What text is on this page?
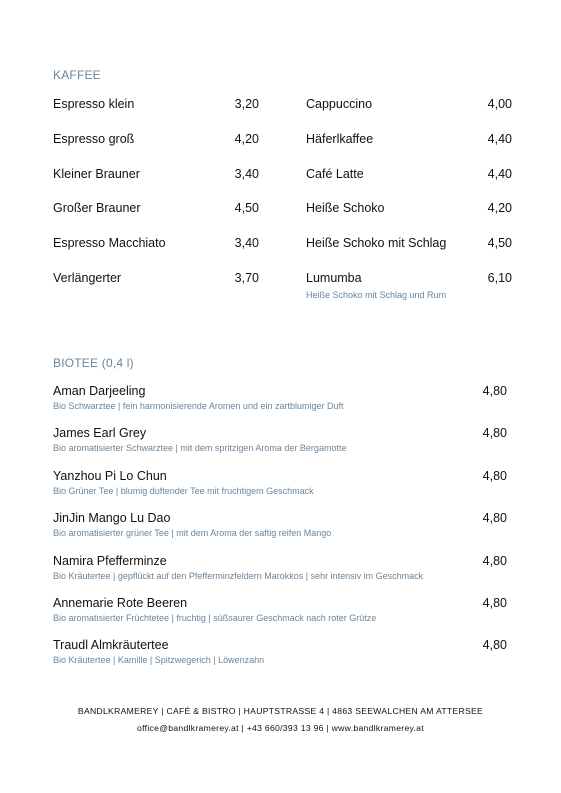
KAFFEE
Espresso klein	3,20
Espresso groß	4,20
Kleiner Brauner	3,40
Großer Brauner	4,50
Espresso Macchiato	3,40
Verlängerter	3,70
Cappuccino	4,00
Häferlkaffee	4,40
Café Latte	4,40
Heiße Schoko	4,20
Heiße Schoko mit Schlag	4,50
Lumumba	6,10
Heiße Schoko mit Schlag und Rum
BIOTEE (0,4 l)
Aman Darjeeling	4,80
Bio Schwarztee | fein harmonisierende Aromen und ein zartblumiger Duft
James Earl Grey	4,80
Bio aromatisierter Schwarztee | mit dem spritzigen Aroma der Bergamotte
Yanzhou Pi Lo Chun	4,80
Bio Grüner Tee | blumig duftender Tee mit fruchtigem Geschmack
JinJin Mango Lu Dao	4,80
Bio aromatisierter grüner Tee | mit dem Aroma der saftig reifen Mango
Namira Pfefferminze	4,80
Bio Kräutertee | gepflückt auf den Pfefferminzfeldern Marokkos | sehr intensiv im Geschmack
Annemarie Rote Beeren	4,80
Bio aromatisierter Früchtetee | fruchtig | süßsaurer Geschmack nach roter Grütze
Traudl Almkräutertee	4,80
Bio Kräutertee | Kamille | Spitzwegerich | Löwenzahn
BANDLKRAMEREY | CAFÉ & BISTRO | HAUPTSTRASSE 4 | 4863 SEEWALCHEN AM ATTERSEE
office@bandlkramerey.at | +43 660/393 13 96 | www.bandlkramerey.at
